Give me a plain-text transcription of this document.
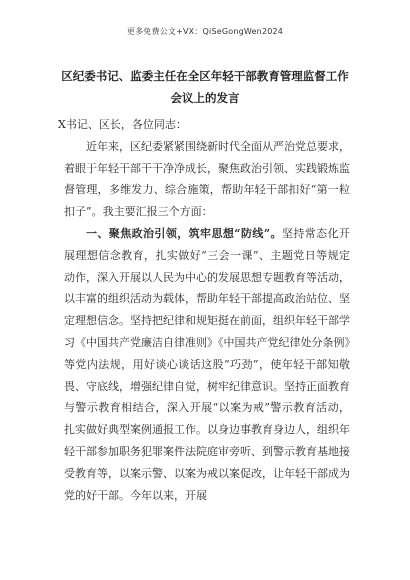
更多免费公文+VX：QiSeGongWen2024
区纪委书记、监委主任在全区年轻干部教育管理监督工作
会议上的发言

X书记、区长，各位同志：

近年来，区纪委紧紧围绕新时代全面从严治党总要求，着眼于年轻干部干干净净成长，聚焦政治引领、实践锻炼监督管理，多维发力、综合施策，帮助年轻干部扣好“第一粒扣子”。我主要汇报三个方面：

一、聚焦政治引领，筑牢思想“防线”。坚持常态化开展理想信念教育，扎实做好“三会一课”、主题党日等规定动作，深入开展以人民为中心的发展思想专题教育等活动，以丰富的组织活动为载体，帮助年轻干部提高政治站位、坚定理想信念。坚持把纪律和规矩挺在前面，组织年轻干部学习《中国共产党廉洁自律准则》《中国共产党纪律处分条例》等党内法规，用好谈心谈话这股“巧劲”，使年轻干部知敬畏、守底线，增强纪律自觉，树牢纪律意识。坚持正面教育与警示教育相结合，深入开展“以案为戒”警示教育活动，扎实做好典型案例通报工作。以身边事教育身边人，组织年轻干部参加职务犯罪案件法院庭审旁听、到警示教育基地接受教育等，以案示警、以案为戒以案促改，让年轻干部成为党的好干部。今年以来，开展
